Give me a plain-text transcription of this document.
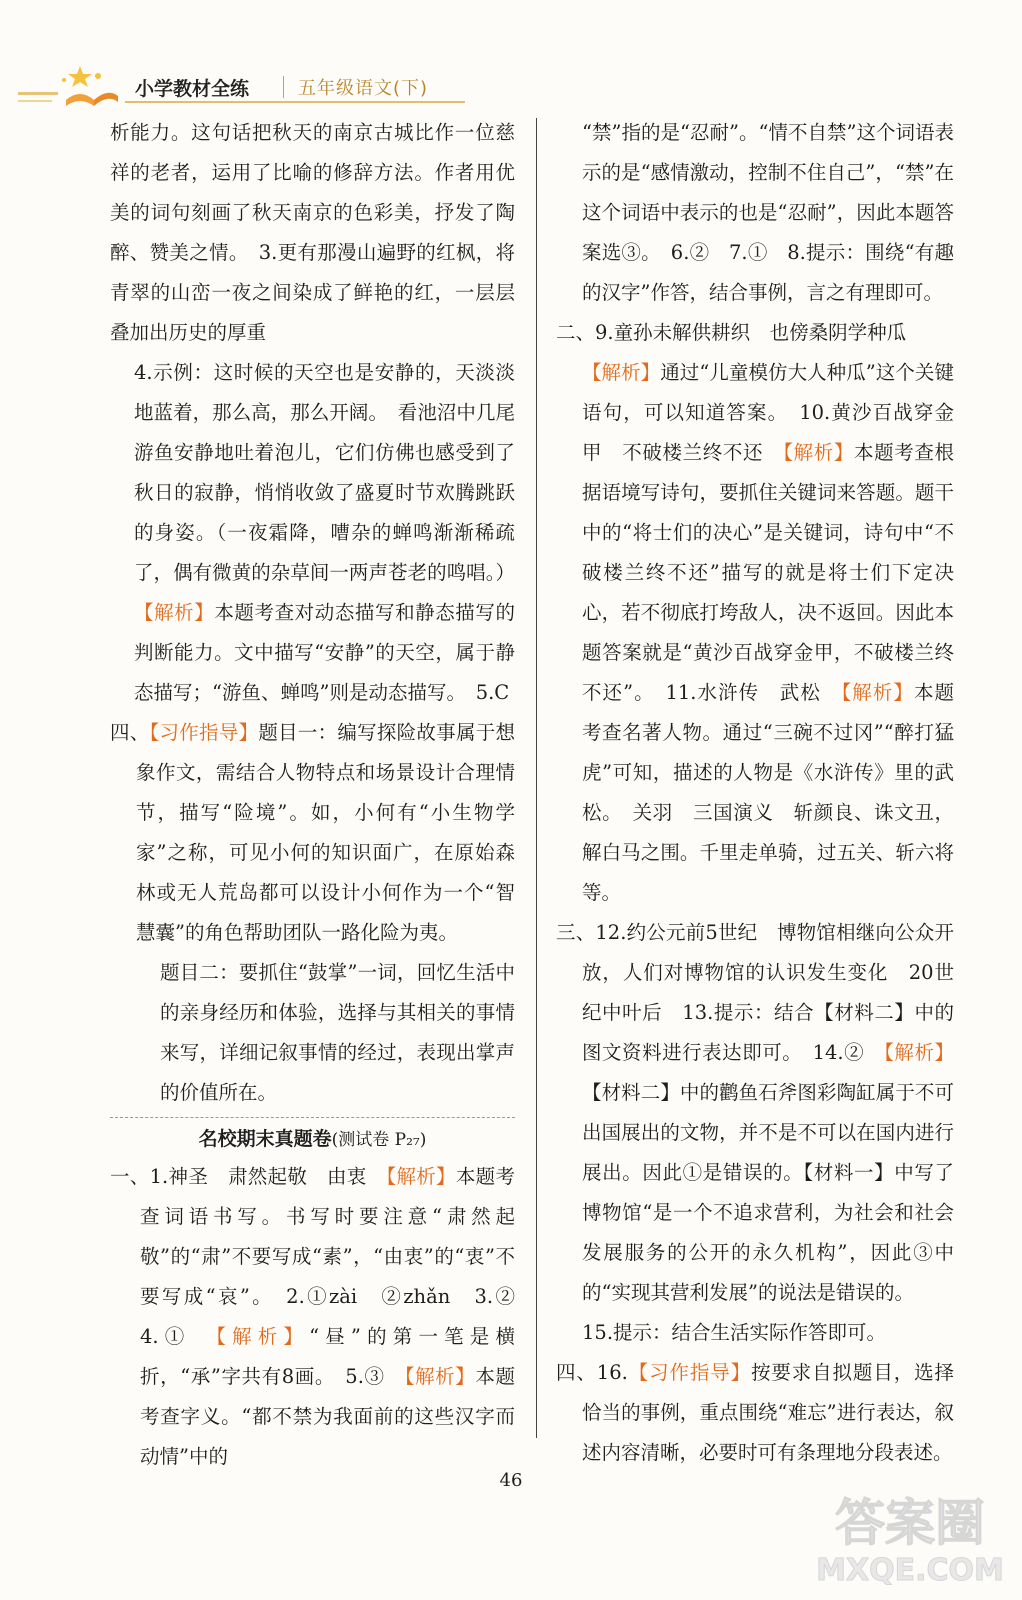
小学教材全练	五年级语文(下)

析能力。这句话把秋天的南京古城比作一位慈祥的老者，运用了比喻的修辞方法。作者用优美的词句刻画了秋天南京的色彩美，抒发了陶醉、赞美之情。　3.更有那漫山遍野的红枫，将青翠的山峦一夜之间染成了鲜艳的红，一层层叠加出历史的厚重

4.示例：这时候的天空也是安静的，天淡淡地蓝着，那么高，那么开阔。　看池沼中几尾游鱼安静地吐着泡儿，它们仿佛也感受到了秋日的寂静，悄悄收敛了盛夏时节欢腾跳跃的身姿。（一夜霜降，嘈杂的蝉鸣渐渐稀疏了，偶有微黄的杂草间一两声苍老的鸣唱。）【解析】本题考查对动态描写和静态描写的判断能力。文中描写“安静”的天空，属于静态描写；“游鱼、蝉鸣”则是动态描写。　5.C

四、【习作指导】题目一：编写探险故事属于想象作文，需结合人物特点和场景设计合理情节，描写“险境”。如，小何有“小生物学家”之称，可见小何的知识面广，在原始森林或无人荒岛都可以设计小何作为一个“智慧囊”的角色帮助团队一路化险为夷。

题目二：要抓住“鼓掌”一词，回忆生活中的亲身经历和体验，选择与其相关的事情来写，详细记叙事情的经过，表现出掌声的价值所在。

名校期末真题卷(测试卷 P₂₇)

一、1.神圣　肃然起敬　由衷　【解析】本题考查词语书写。书写时要注意“肃然起敬”的“肃”不要写成“素”，“由衷”的“衷”不要写成“哀”。　2.①zài　②zhǎn　3.②　4.①　【解析】“昼”的第一笔是横折，“承”字共有8画。　5.③　【解析】本题考查字义。“都不禁为我面前的这些汉字而动情”中的

“禁”指的是“忍耐”。“情不自禁”这个词语表示的是“感情激动，控制不住自己”，“禁”在这个词语中表示的也是“忍耐”，因此本题答案选③。　6.②　7.①　8.提示：围绕“有趣的汉字”作答，结合事例，言之有理即可。

二、9.童孙未解供耕织　也傍桑阴学种瓜
【解析】通过“儿童模仿大人种瓜”这个关键语句，可以知道答案。　10.黄沙百战穿金甲　不破楼兰终不还　【解析】本题考查根据语境写诗句，要抓住关键词来答题。题干中的“将士们的决心”是关键词，诗句中“不破楼兰终不还”描写的就是将士们下定决心，若不彻底打垮敌人，决不返回。因此本题答案就是“黄沙百战穿金甲，不破楼兰终不还”。　11.水浒传　武松　【解析】本题考查名著人物。通过“三碗不过冈”“醉打猛虎”可知，描述的人物是《水浒传》里的武松。　关羽　三国演义　斩颜良、诛文丑，解白马之围。千里走单骑，过五关、斩六将等。

三、12.约公元前5世纪　博物馆相继向公众开放，人们对博物馆的认识发生变化　20世纪中叶后　13.提示：结合【材料二】中的图文资料进行表达即可。　14.②　【解析】【材料二】中的鹳鱼石斧图彩陶缸属于不可出国展出的文物，并不是不可以在国内进行展出。因此①是错误的。【材料一】中写了博物馆“是一个不追求营利，为社会和社会发展服务的公开的永久机构”，因此③中的“实现其营利发展”的说法是错误的。

15.提示：结合生活实际作答即可。

四、16.【习作指导】按要求自拟题目，选择恰当的事例，重点围绕“难忘”进行表达，叙述内容清晰，必要时可有条理地分段表述。

46
答案圈
MXQE.COM
